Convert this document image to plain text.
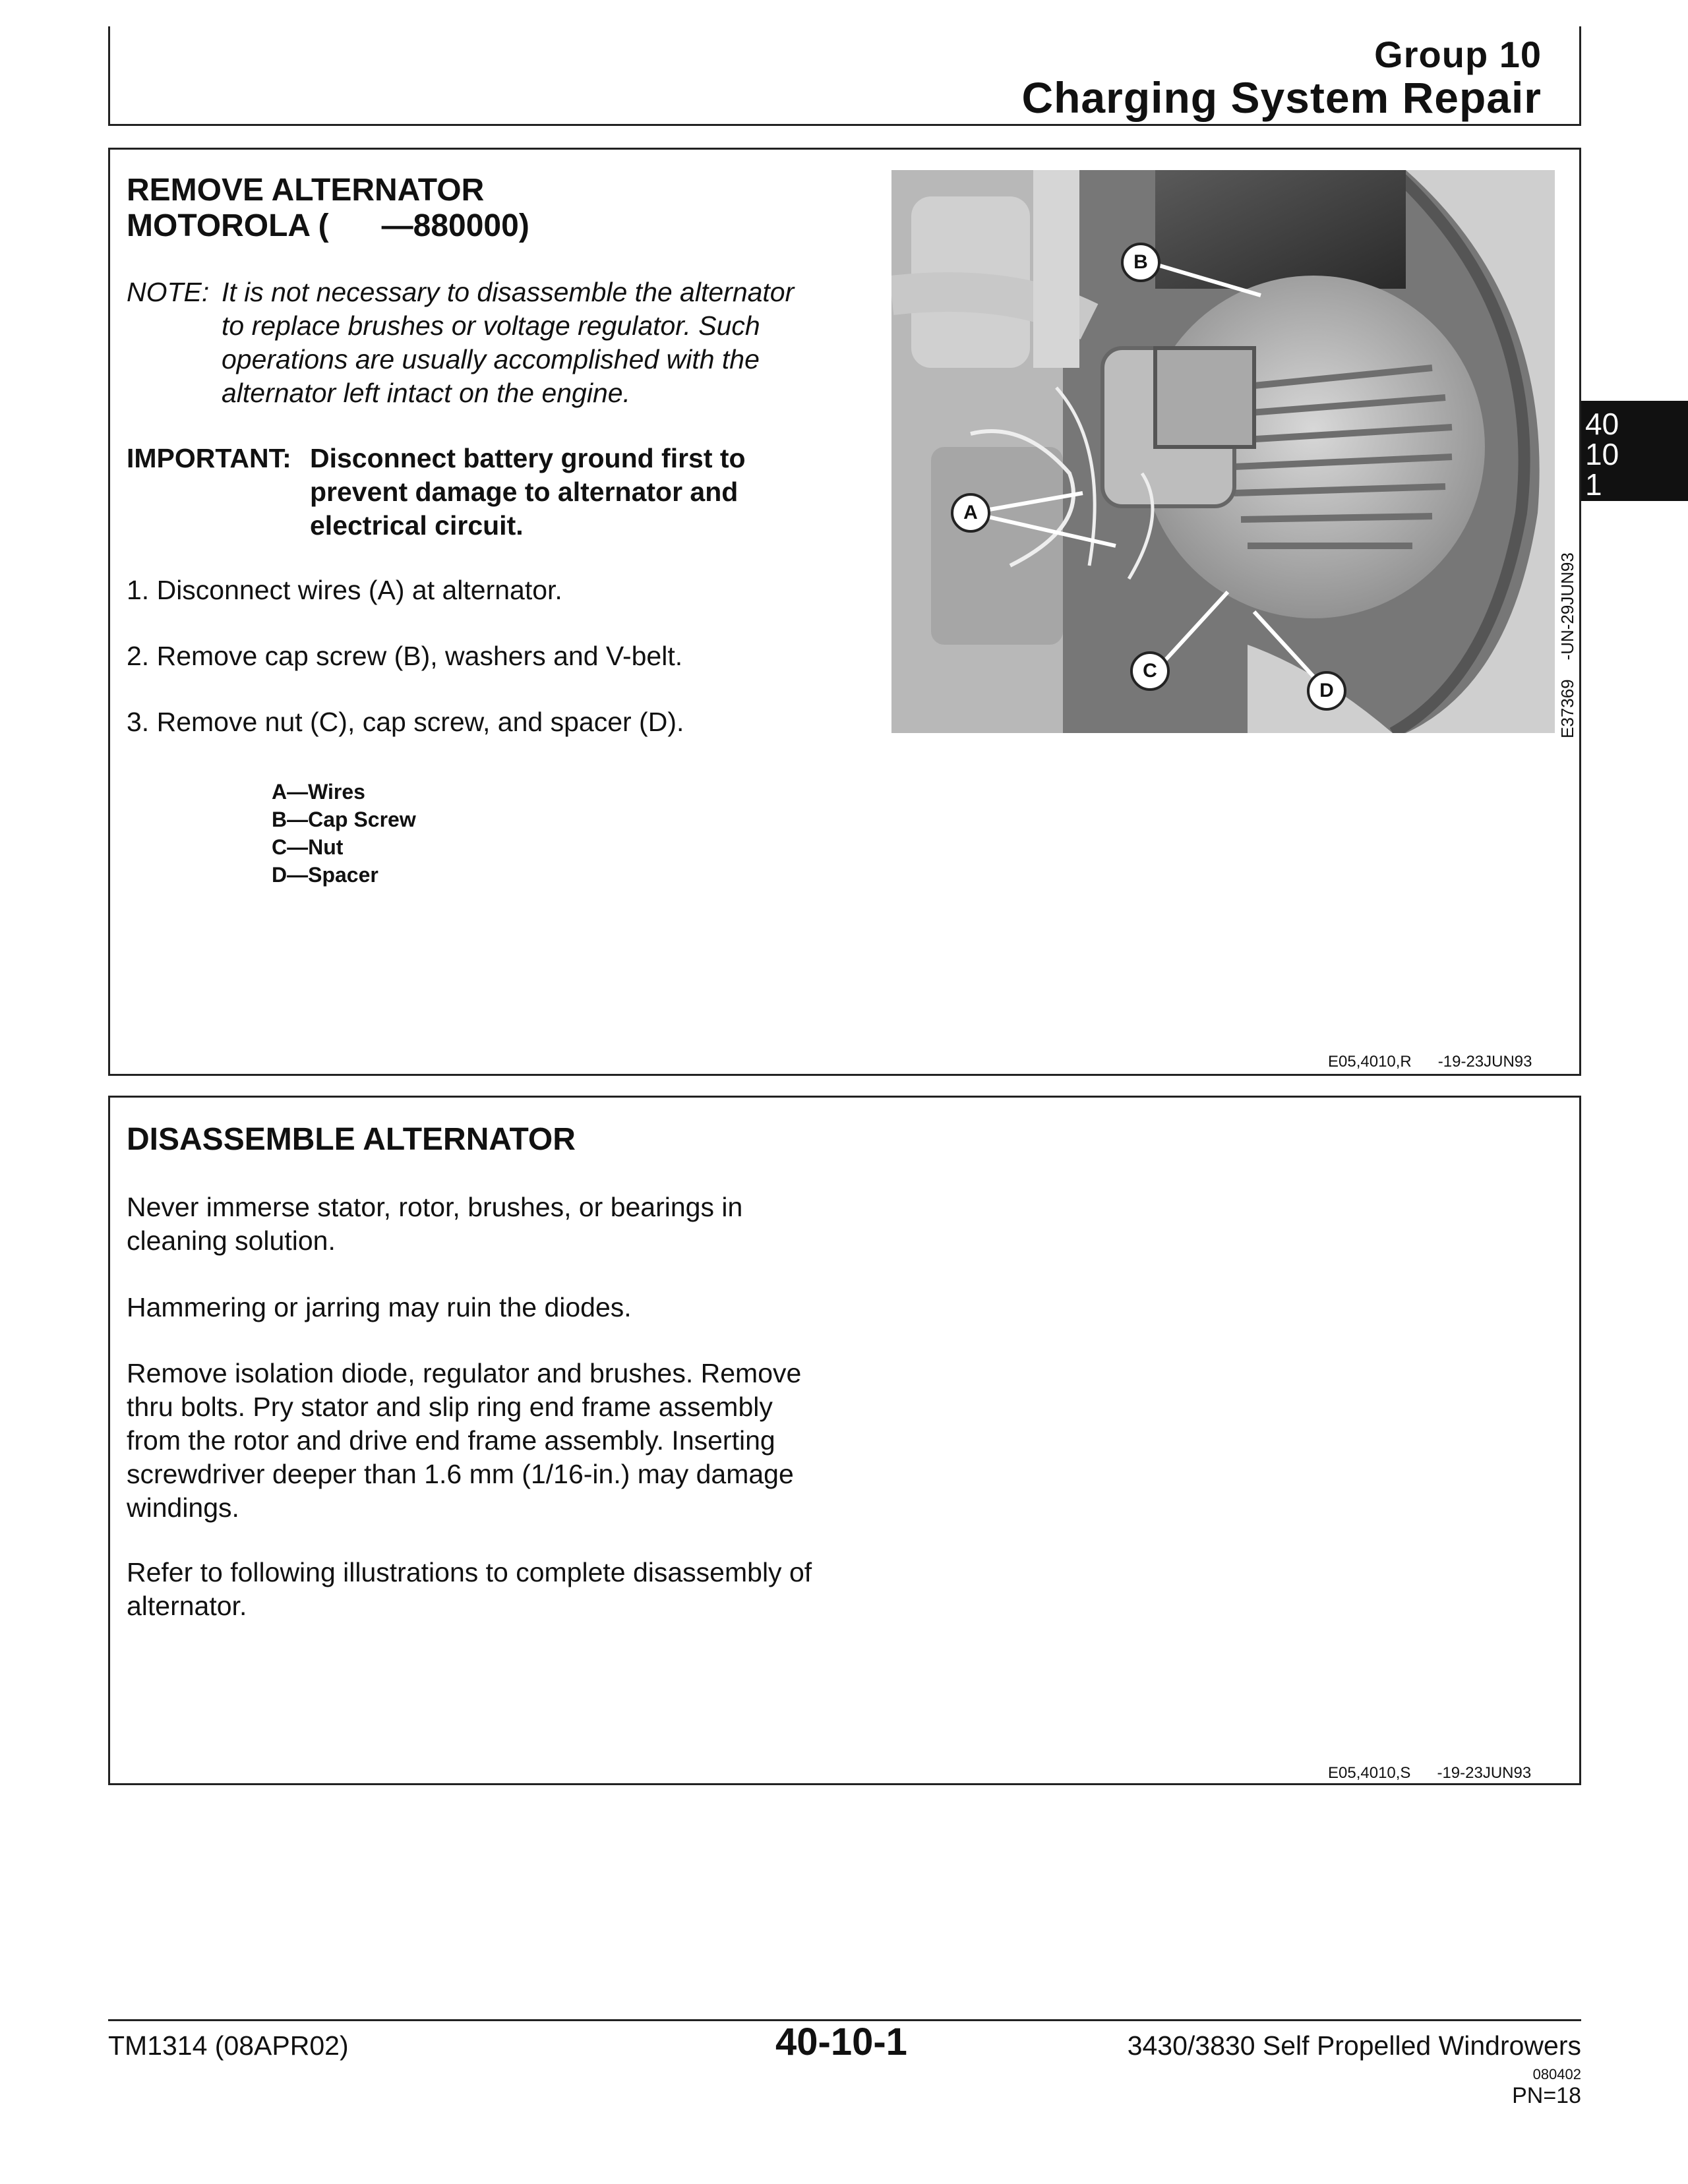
Group 10
Charging System Repair
40
10
1
REMOVE ALTERNATOR
MOTOROLA (      —880000)
NOTE: It is not necessary to disassemble the alternator
to replace brushes or voltage regulator. Such
operations are usually accomplished with the
alternator left intact on the engine.
IMPORTANT: Disconnect battery ground first to
prevent damage to alternator and
electrical circuit.
1. Disconnect wires (A) at alternator.
2. Remove cap screw (B), washers and V-belt.
3. Remove nut (C), cap screw, and spacer (D).
A—Wires
B—Cap Screw
C—Nut
D—Spacer
A
B
C
D	E37369    -UN-29JUN93
E05,4010,R      -19-23JUN93
DISASSEMBLE ALTERNATOR
Never immerse stator, rotor, brushes, or bearings in
cleaning solution.
Hammering or jarring may ruin the diodes.
Remove isolation diode, regulator and brushes. Remove
thru bolts. Pry stator and slip ring end frame assembly
from the rotor and drive end frame assembly. Inserting
screwdriver deeper than 1.6 mm (1/16-in.) may damage
windings.
Refer to following illustrations to complete disassembly of
alternator.
E05,4010,S      -19-23JUN93
TM1314 (08APR02)	40-10-1	3430/3830 Self Propelled Windrowers
080402
PN=18
